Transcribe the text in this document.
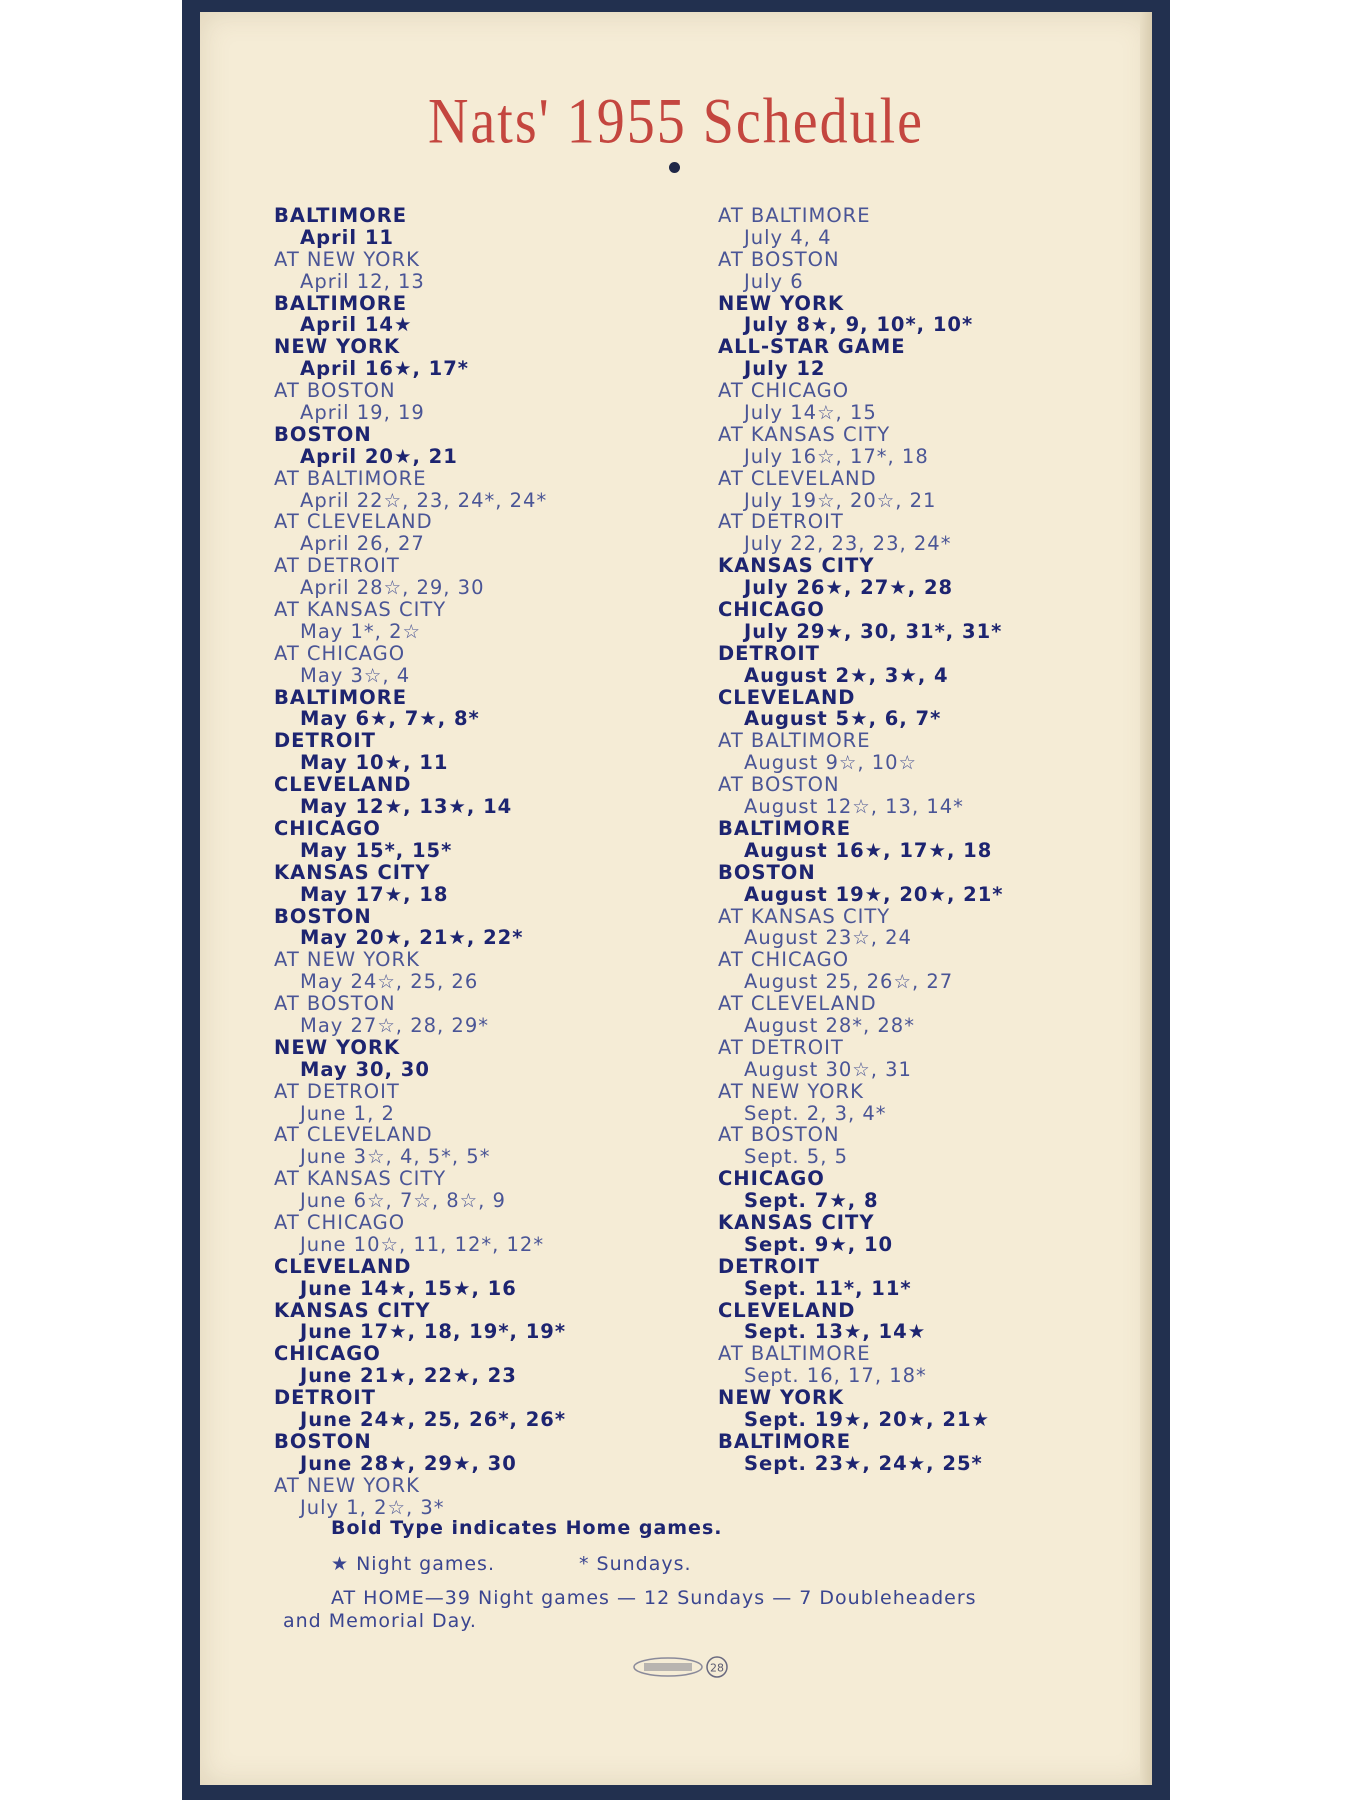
Nats' 1955 Schedule
BALTIMORE
April 11
AT NEW YORK
April 12, 13
BALTIMORE
April 14★
NEW YORK
April 16★, 17*
AT BOSTON
April 19, 19
BOSTON
April 20★, 21
AT BALTIMORE
April 22☆, 23, 24*, 24*
AT CLEVELAND
April 26, 27
AT DETROIT
April 28☆, 29, 30
AT KANSAS CITY
May 1*, 2☆
AT CHICAGO
May 3☆, 4
BALTIMORE
May 6★, 7★, 8*
DETROIT
May 10★, 11
CLEVELAND
May 12★, 13★, 14
CHICAGO
May 15*, 15*
KANSAS CITY
May 17★, 18
BOSTON
May 20★, 21★, 22*
AT NEW YORK
May 24☆, 25, 26
AT BOSTON
May 27☆, 28, 29*
NEW YORK
May 30, 30
AT DETROIT
June 1, 2
AT CLEVELAND
June 3☆, 4, 5*, 5*
AT KANSAS CITY
June 6☆, 7☆, 8☆, 9
AT CHICAGO
June 10☆, 11, 12*, 12*
CLEVELAND
June 14★, 15★, 16
KANSAS CITY
June 17★, 18, 19*, 19*
CHICAGO
June 21★, 22★, 23
DETROIT
June 24★, 25, 26*, 26*
BOSTON
June 28★, 29★, 30
AT NEW YORK
July 1, 2☆, 3*
AT BALTIMORE
July 4, 4
AT BOSTON
July 6
NEW YORK
July 8★, 9, 10*, 10*
ALL-STAR GAME
July 12
AT CHICAGO
July 14☆, 15
AT KANSAS CITY
July 16☆, 17*, 18
AT CLEVELAND
July 19☆, 20☆, 21
AT DETROIT
July 22, 23, 23, 24*
KANSAS CITY
July 26★, 27★, 28
CHICAGO
July 29★, 30, 31*, 31*
DETROIT
August 2★, 3★, 4
CLEVELAND
August 5★, 6, 7*
AT BALTIMORE
August 9☆, 10☆
AT BOSTON
August 12☆, 13, 14*
BALTIMORE
August 16★, 17★, 18
BOSTON
August 19★, 20★, 21*
AT KANSAS CITY
August 23☆, 24
AT CHICAGO
August 25, 26☆, 27
AT CLEVELAND
August 28*, 28*
AT DETROIT
August 30☆, 31
AT NEW YORK
Sept. 2, 3, 4*
AT BOSTON
Sept. 5, 5
CHICAGO
Sept. 7★, 8
KANSAS CITY
Sept. 9★, 10
DETROIT
Sept. 11*, 11*
CLEVELAND
Sept. 13★, 14★
AT BALTIMORE
Sept. 16, 17, 18*
NEW YORK
Sept. 19★, 20★, 21★
BALTIMORE
Sept. 23★, 24★, 25*
Bold Type indicates Home games.
★ Night games.	* Sundays.
AT HOME—39 Night games — 12 Sundays — 7 Doubleheaders
and Memorial Day.
28
